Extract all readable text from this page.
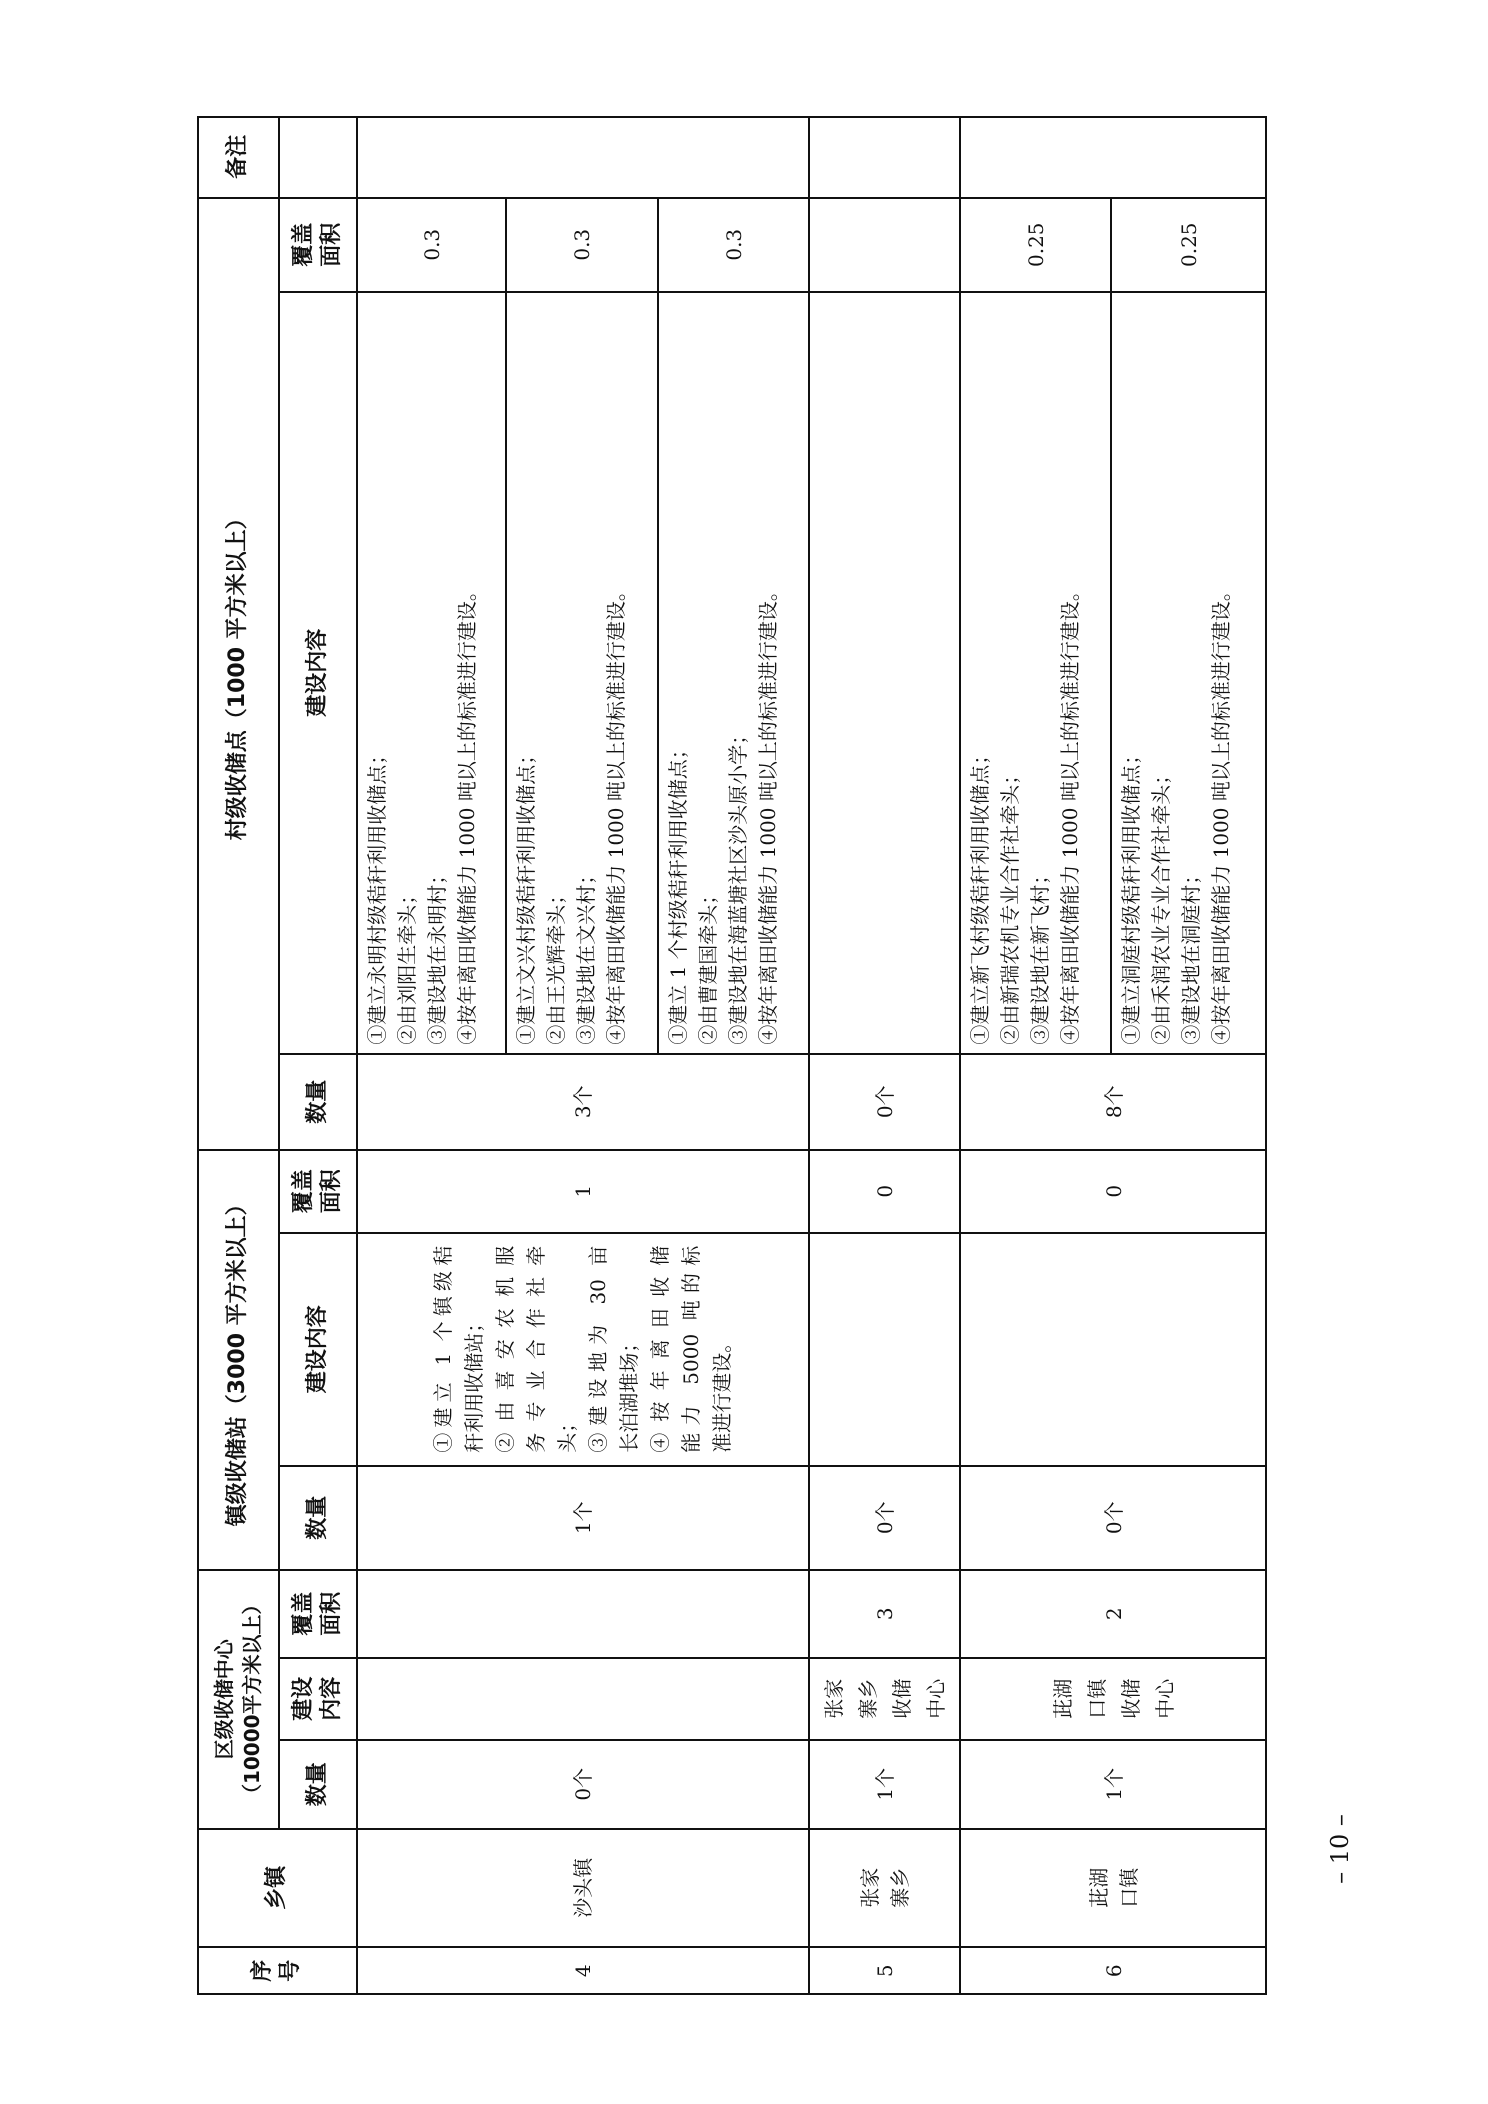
序 号
乡镇
区级收储中心 （10000平方米以上） 数量
建设 内容
覆盖 面积
镇级收储站（3000 平方米以上）	数量
建设内容
覆盖 面积
村级收储点（1000 平方米以上）
数量
建设内容
覆盖 面积
备注
4
沙头镇
0个
1个
①建立 1 个镇级秸 秆利用收储站； ②由喜安农机服 务专业合作社牵 头； ③建设地为 30 亩 长泊湖堆场； ④按年离田收储 能力 5000 吨的标 准进行建设。
1
3个
①建立永明村级秸秆利用收储点； ②由刘阳生牵头； ③建设地在永明村； ④按年离田收储能力 1000 吨以上的标准进行建设。
0.3
①建立文兴村级秸秆利用收储点； ②由王光辉牵头； ③建设地在文兴村； ④按年离田收储能力 1000 吨以上的标准进行建设。
0.3
①建立 1 个村级秸秆利用收储点； ②由曹建国牵头； ③建设地在海蓝塘社区沙头原小学； ④按年离田收储能力 1000 吨以上的标准进行建设。
0.3
5
张家 寨乡
1个
张家 寨乡 收储 中心
3
0个
0
0个
6
茈湖 口镇
1个
茈湖 口镇 收储 中心
2
0个
0
8个
①建立新飞村级秸秆利用收储点； ②由新瑞农机专业合作社牵头； ③建设地在新飞村； ④按年离田收储能力 1000 吨以上的标准进行建设。
0.25
①建立洞庭村级秸秆利用收储点； ②由禾润农业专业合作社牵头； ③建设地在洞庭村； ④按年离田收储能力 1000 吨以上的标准进行建设。
0.25
– 10 –
